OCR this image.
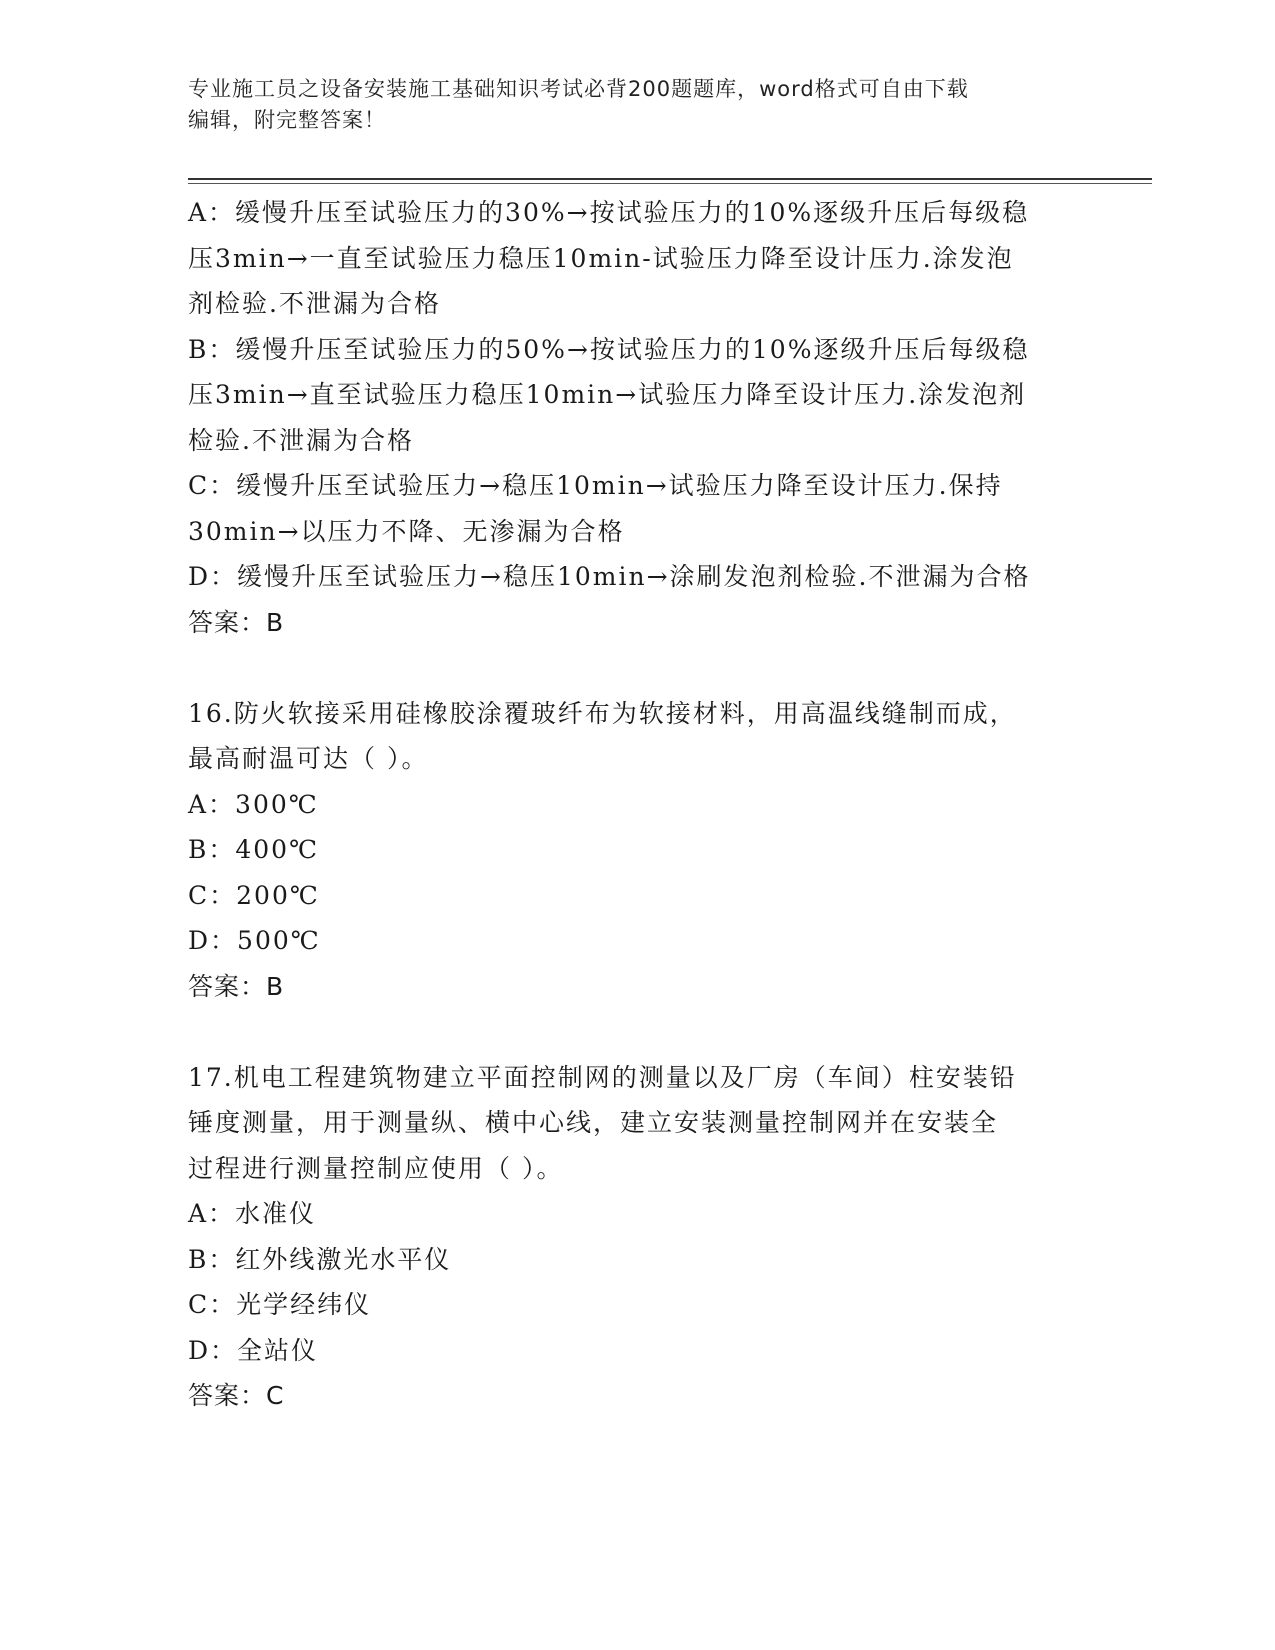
专业施工员之设备安装施工基础知识考试必背200题题库，word格式可自由下载
编辑，附完整答案！
A：缓慢升压至试验压力的30%→按试验压力的10%逐级升压后每级稳
压3min→一直至试验压力稳压10min-试验压力降至设计压力.涂发泡
剂检验.不泄漏为合格
B：缓慢升压至试验压力的50%→按试验压力的10%逐级升压后每级稳
压3min→直至试验压力稳压10min→试验压力降至设计压力.涂发泡剂
检验.不泄漏为合格
C：缓慢升压至试验压力→稳压10min→试验压力降至设计压力.保持
30min→以压力不降、无渗漏为合格
D：缓慢升压至试验压力→稳压10min→涂刷发泡剂检验.不泄漏为合格
答案：B
16.防火软接采用硅橡胶涂覆玻纤布为软接材料，用高温线缝制而成，
最高耐温可达（ ）。
A：300℃
B：400℃
C：200℃
D：500℃
答案：B
17.机电工程建筑物建立平面控制网的测量以及厂房（车间）柱安装铅
锤度测量，用于测量纵、横中心线，建立安装测量控制网并在安装全
过程进行测量控制应使用（ ）。
A：水准仪
B：红外线激光水平仪
C：光学经纬仪
D：全站仪
答案：C
